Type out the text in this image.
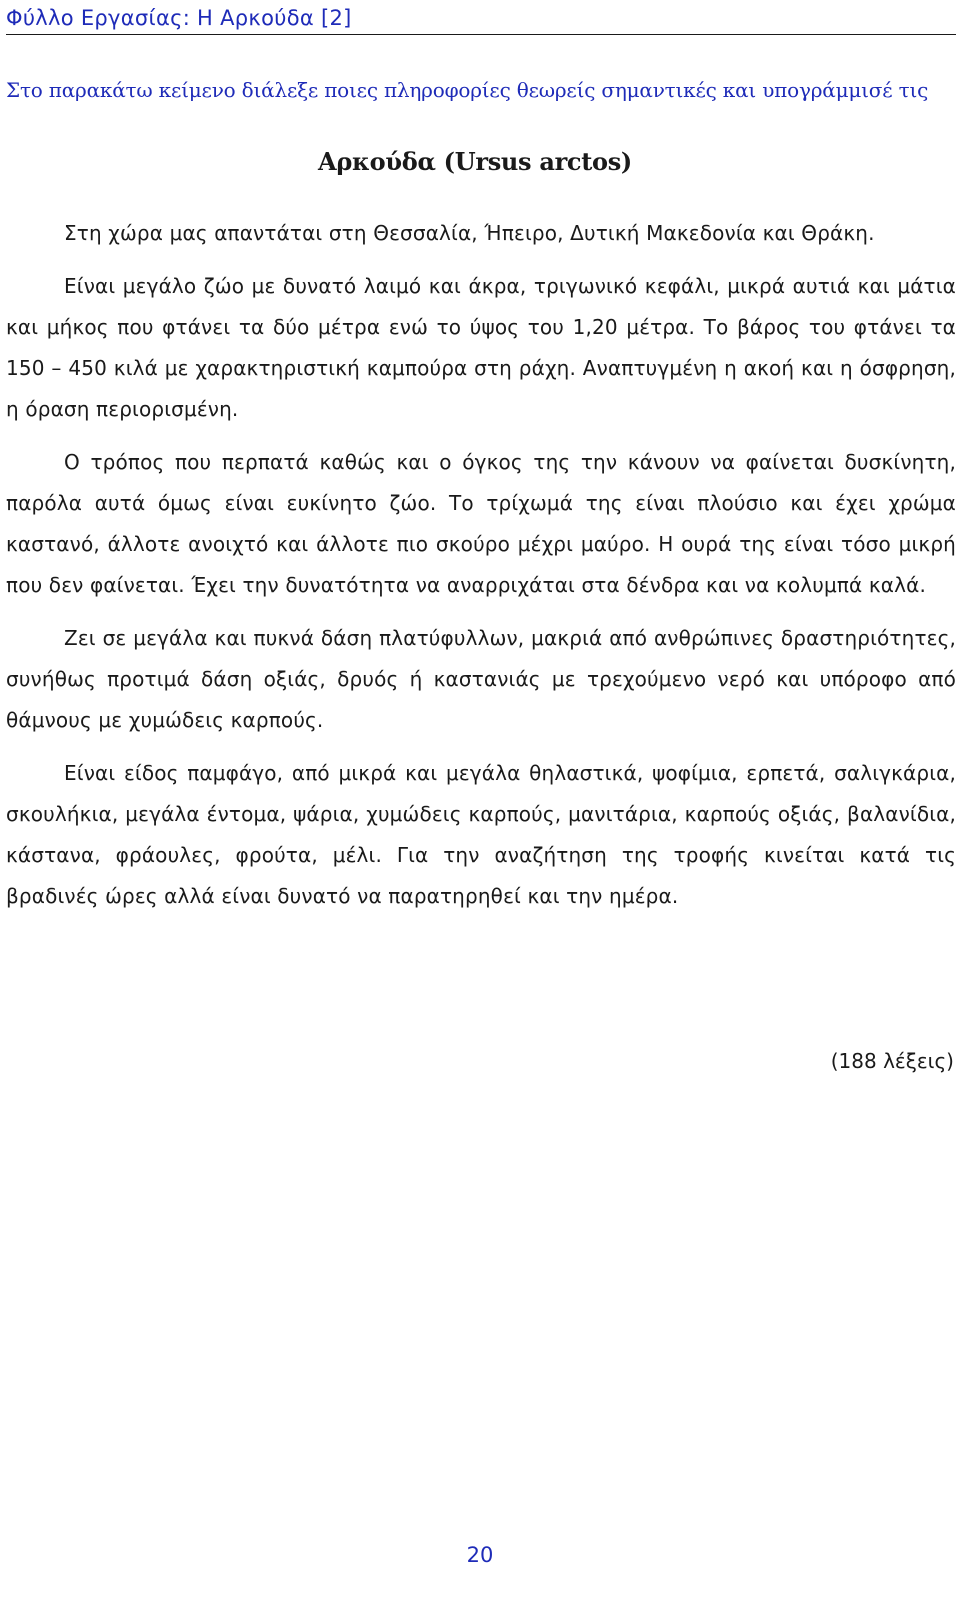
Φύλλο Εργασίας: Η Αρκούδα [2]
Στο παρακάτω κείμενο διάλεξε ποιες πληροφορίες θεωρείς σημαντικές και υπογράμμισέ τις
Αρκούδα (Ursus arctos)

Στη χώρα μας απαντάται στη Θεσσαλία, Ήπειρο, Δυτική Μακεδονία και Θράκη.

Είναι μεγάλο ζώο με δυνατό λαιμό και άκρα, τριγωνικό κεφάλι, μικρά αυτιά και μάτια και μήκος που φτάνει τα δύο μέτρα ενώ το ύψος του 1,20 μέτρα. Το βάρος του φτάνει τα 150 – 450 κιλά με χαρακτηριστική καμπούρα στη ράχη. Αναπτυγμένη η ακοή και η όσφρηση, η όραση περιορισμένη.

Ο τρόπος που περπατά καθώς και ο όγκος της την κάνουν να φαίνεται δυσκίνητη, παρόλα αυτά όμως είναι ευκίνητο ζώο. Το τρίχωμά της είναι πλούσιο και έχει χρώμα καστανό, άλλοτε ανοιχτό και άλλοτε πιο σκούρο μέχρι μαύρο. Η ουρά της είναι τόσο μικρή που δεν φαίνεται. Έχει την δυνατότητα να αναρριχάται στα δένδρα και να κολυμπά καλά.

Ζει σε μεγάλα και πυκνά δάση πλατύφυλλων, μακριά από ανθρώπινες δραστηριότητες, συνήθως προτιμά δάση οξιάς, δρυός ή καστανιάς με τρεχούμενο νερό και υπόροφο από θάμνους με χυμώδεις καρπούς.

Είναι είδος παμφάγο, από μικρά και μεγάλα θηλαστικά, ψοφίμια, ερπετά, σαλιγκάρια, σκουλήκια, μεγάλα έντομα, ψάρια, χυμώδεις καρπούς, μανιτάρια, καρπούς οξιάς, βαλανίδια, κάστανα, φράουλες, φρούτα, μέλι. Για την αναζήτηση της τροφής κινείται κατά τις βραδινές ώρες αλλά είναι δυνατό να παρατηρηθεί και την ημέρα.

(188 λέξεις)
20
